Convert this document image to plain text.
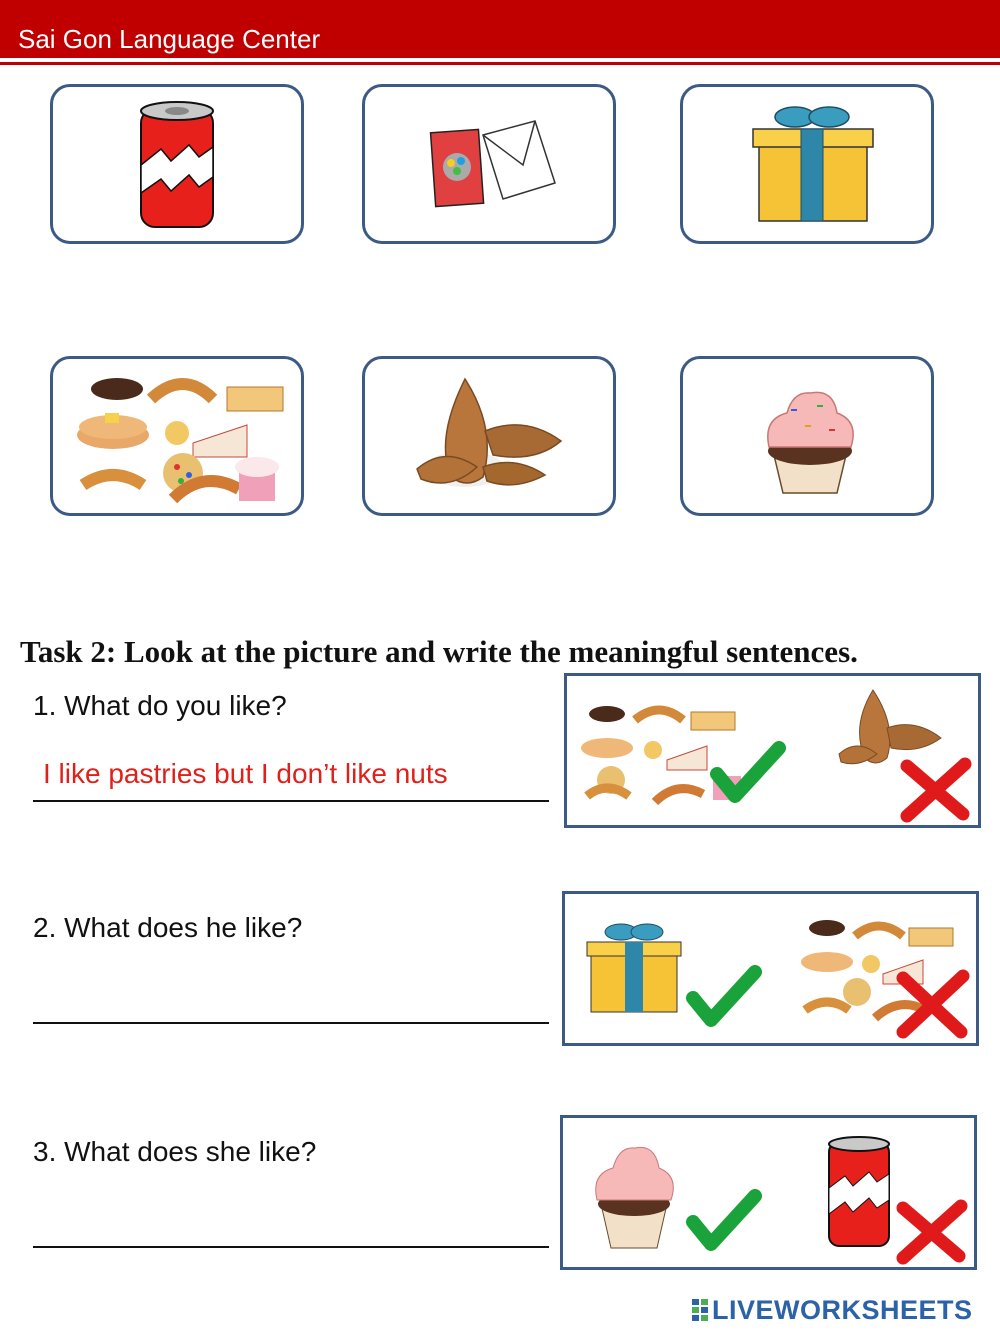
Sai Gon Language Center
Task 2: Look at the picture and write the meaningful sentences.
1. What do you like?
I like pastries but I don’t like nuts
2. What does he like?
3. What does she like?
LIVEWORKSHEETS
